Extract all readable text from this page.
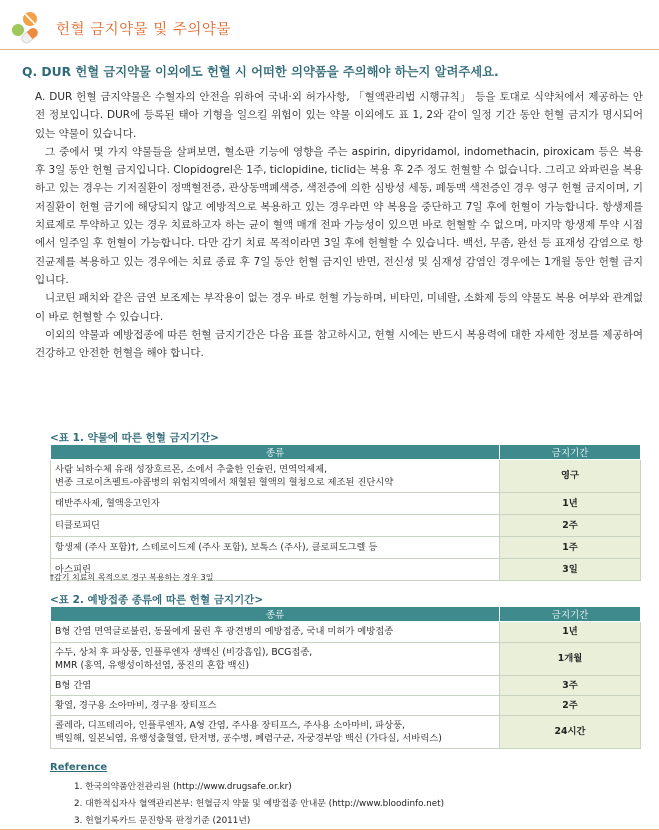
헌혈 금지약물 및 주의약물
Q. DUR 헌혈 금지약물 이외에도 헌혈 시 어떠한 의약품을 주의해야 하는지 알려주세요.

A. DUR 헌혈 금지약물은 수혈자의 안전을 위하여 국내·외 허가사항, 「혈액관리법 시행규칙」 등을 토대로 식약처에서 제공하는 안전 정보입니다. DUR에 등록된 태아 기형을 일으킬 위험이 있는 약물 이외에도 표 1, 2와 같이 일정 기간 동안 헌혈 금지가 명시되어 있는 약물이 있습니다.

그 중에서 몇 가지 약물들을 살펴보면, 혈소판 기능에 영향을 주는 aspirin, dipyridamol, indomethacin, piroxicam 등은 복용 후 3일 동안 헌혈 금지입니다. Clopidogrel은 1주, ticlopidine, ticlid는 복용 후 2주 정도 헌혈할 수 없습니다. 그리고 와파린을 복용하고 있는 경우는 기저질환이 정맥혈전증, 관상동맥폐색증, 색전증에 의한 심방성 세동, 폐동맥 색전증인 경우 영구 헌혈 금지이며, 기저질환이 헌혈 금기에 해당되지 않고 예방적으로 복용하고 있는 경우라면 약 복용을 중단하고 7일 후에 헌혈이 가능합니다. 항생제를 치료제로 투약하고 있는 경우 치료하고자 하는 균이 혈액 매개 전파 가능성이 있으면 바로 헌혈할 수 없으며, 마지막 항생제 투약 시점에서 일주일 후 헌혈이 가능합니다. 다만 감기 치료 목적이라면 3일 후에 헌혈할 수 있습니다. 백선, 무좀, 완선 등 표재성 감염으로 항진균제를 복용하고 있는 경우에는 치료 종료 후 7일 동안 헌혈 금지인 반면, 전신성 및 심재성 감염인 경우에는 1개월 동안 헌혈 금지입니다.

니코틴 패치와 같은 금연 보조제는 부작용이 없는 경우 바로 헌혈 가능하며, 비타민, 미네랄, 소화제 등의 약물도 복용 여부와 관계없이 바로 헌혈할 수 있습니다.

이외의 약물과 예방접종에 따른 헌혈 금지기간은 다음 표를 참고하시고, 헌혈 시에는 반드시 복용력에 대한 자세한 정보를 제공하여 건강하고 안전한 헌혈을 해야 합니다.

<표 1. 약물에 따른 헌혈 금지기간>
종류	금지기간
사람 뇌하수체 유래 성장호르몬, 소에서 추출한 인슐린, 면역억제제,
변종 크로이츠펠트-야콥병의 위험지역에서 채혈된 혈액의 혈청으로 제조된 진단시약	영구
태반주사제, 혈액응고인자	1년
티클로피딘	2주
항생제 (주사 포함)†, 스테로이드제 (주사 포함), 보톡스 (주사), 클로피도그렐 등	1주
아스피린	3일
†감기 치료의 목적으로 경구 복용하는 경우 3일
<표 2. 예방접종 종류에 따른 헌혈 금지기간>
종류	금지기간
B형 간염 면역글로불린, 동물에게 물린 후 광견병의 예방접종, 국내 미허가 예방접종	1년
수두, 상처 후 파상풍, 인플루엔자 생백신 (비강흡입), BCG접종,
MMR (홍역, 유행성이하선염, 풍진의 혼합 백신)	1개월
B형 간염	3주
황열, 경구용 소아마비, 경구용 장티프스	2주
콜레라, 디프테리아, 인플루엔자, A형 간염, 주사용 장티프스, 주사용 소아마비, 파상풍,
백일해, 일본뇌염, 유행성출혈열, 탄저병, 공수병, 폐렴구균, 자궁경부암 백신 (가다실, 서바릭스)	24시간
Reference
1. 한국의약품안전관리원 (http://www.drugsafe.or.kr)
2. 대한적십자사 혈액관리본부: 헌혈금지 약물 및 예방접종 안내문 (http://www.bloodinfo.net)
3. 헌혈기록카드 문진항목 판정기준 (2011년)
